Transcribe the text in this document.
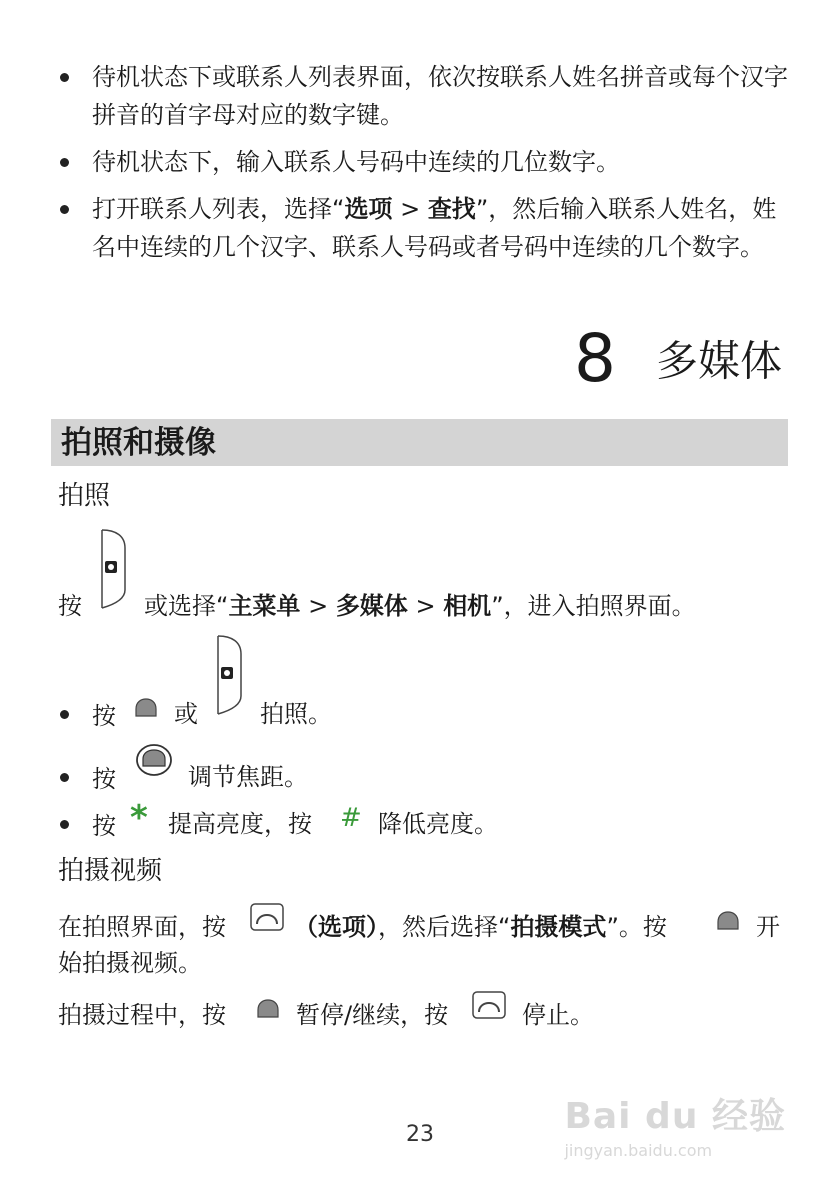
待机状态下或联系人列表界面，依次按联系人姓名拼音或每个汉字拼音的首字母对应的数字键。
待机状态下，输入联系人号码中连续的几位数字。
打开联系人列表，选择“选项 > 查找”，然后输入联系人姓名，姓名中连续的几个汉字、联系人号码或者号码中连续的几个数字。
8 多媒体
拍照和摄像
拍照
按	或选择“主菜单 > 多媒体 > 相机”，进入拍照界面。
按 或	拍照。
按	调节焦距。
按 * 提高亮度，按 # 降低亮度。
拍摄视频
在拍照界面，按	（选项），然后选择“拍摄模式”。按	开始拍摄视频。
拍摄过程中，按	暂停/继续，按	停止。
23	Bai du 经验
jingyan.baidu.com
